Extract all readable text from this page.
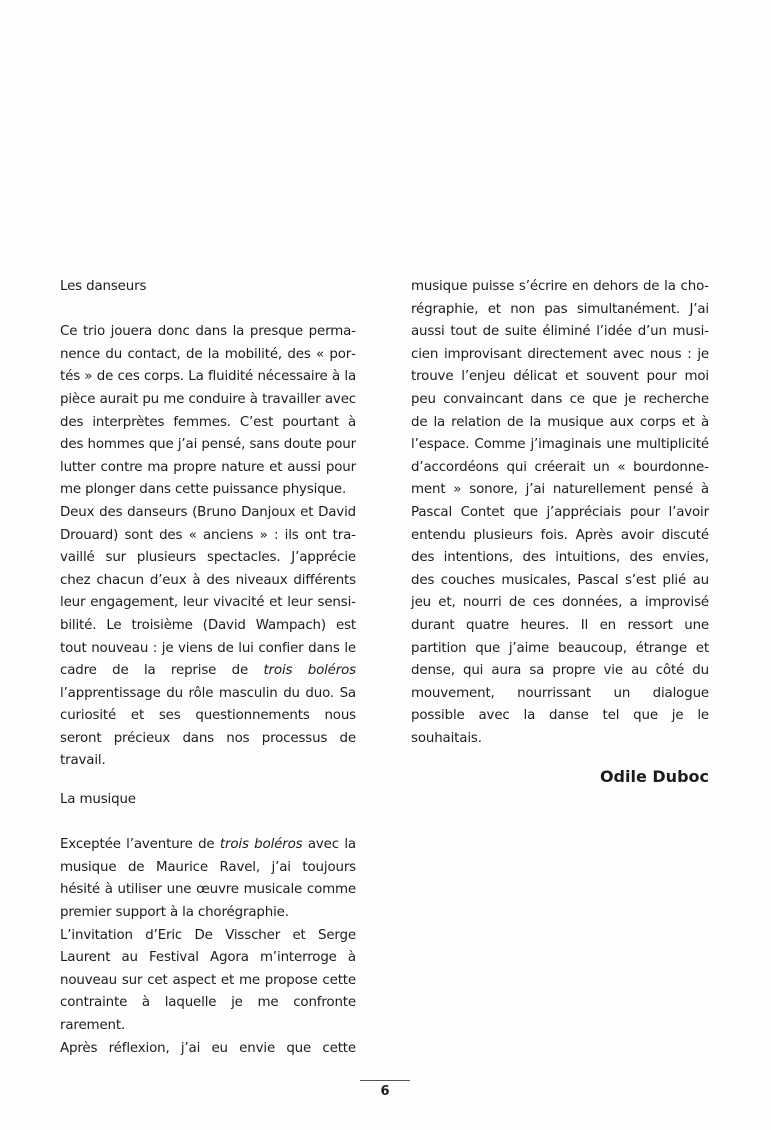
Les danseurs

Ce trio jouera donc dans la presque permanence du contact, de la mobilité, des « portés » de ces corps. La fluidité nécessaire à la pièce aurait pu me conduire à travailler avec des interprètes femmes. C’est pourtant à des hommes que j’ai pensé, sans doute pour lutter contre ma propre nature et aussi pour me plonger dans cette puissance physique.

Deux des danseurs (Bruno Danjoux et David Drouard) sont des « anciens » : ils ont travaillé sur plusieurs spectacles. J’apprécie chez chacun d’eux à des niveaux différents leur engagement, leur vivacité et leur sensibilité. Le troisième (David Wampach) est tout nouveau : je viens de lui confier dans le cadre de la reprise de trois boléros l’apprentissage du rôle masculin du duo. Sa curiosité et ses questionnements nous seront précieux dans nos processus de travail.

La musique

Exceptée l’aventure de trois boléros avec la musique de Maurice Ravel, j’ai toujours hésité à utiliser une œuvre musicale comme premier support à la chorégraphie.

L’invitation d’Eric De Visscher et Serge Laurent au Festival Agora m’interroge à nouveau sur cet aspect et me propose cette contrainte à laquelle je me confronte rarement.

Après réflexion, j’ai eu envie que cette

musique puisse s’écrire en dehors de la chorégraphie, et non pas simultanément. J’ai aussi tout de suite éliminé l’idée d’un musicien improvisant directement avec nous : je trouve l’enjeu délicat et souvent pour moi peu convaincant dans ce que je recherche de la relation de la musique aux corps et à l’espace. Comme j’imaginais une multiplicité d’accordéons qui créerait un « bourdonnement » sonore, j’ai naturellement pensé à Pascal Contet que j’appréciais pour l’avoir entendu plusieurs fois. Après avoir discuté des intentions, des intuitions, des envies, des couches musicales, Pascal s’est plié au jeu et, nourri de ces données, a improvisé durant quatre heures. Il en ressort une partition que j’aime beaucoup, étrange et dense, qui aura sa propre vie au côté du mouvement, nourrissant un dialogue possible avec la danse tel que je le souhaitais.

Odile Duboc
6
